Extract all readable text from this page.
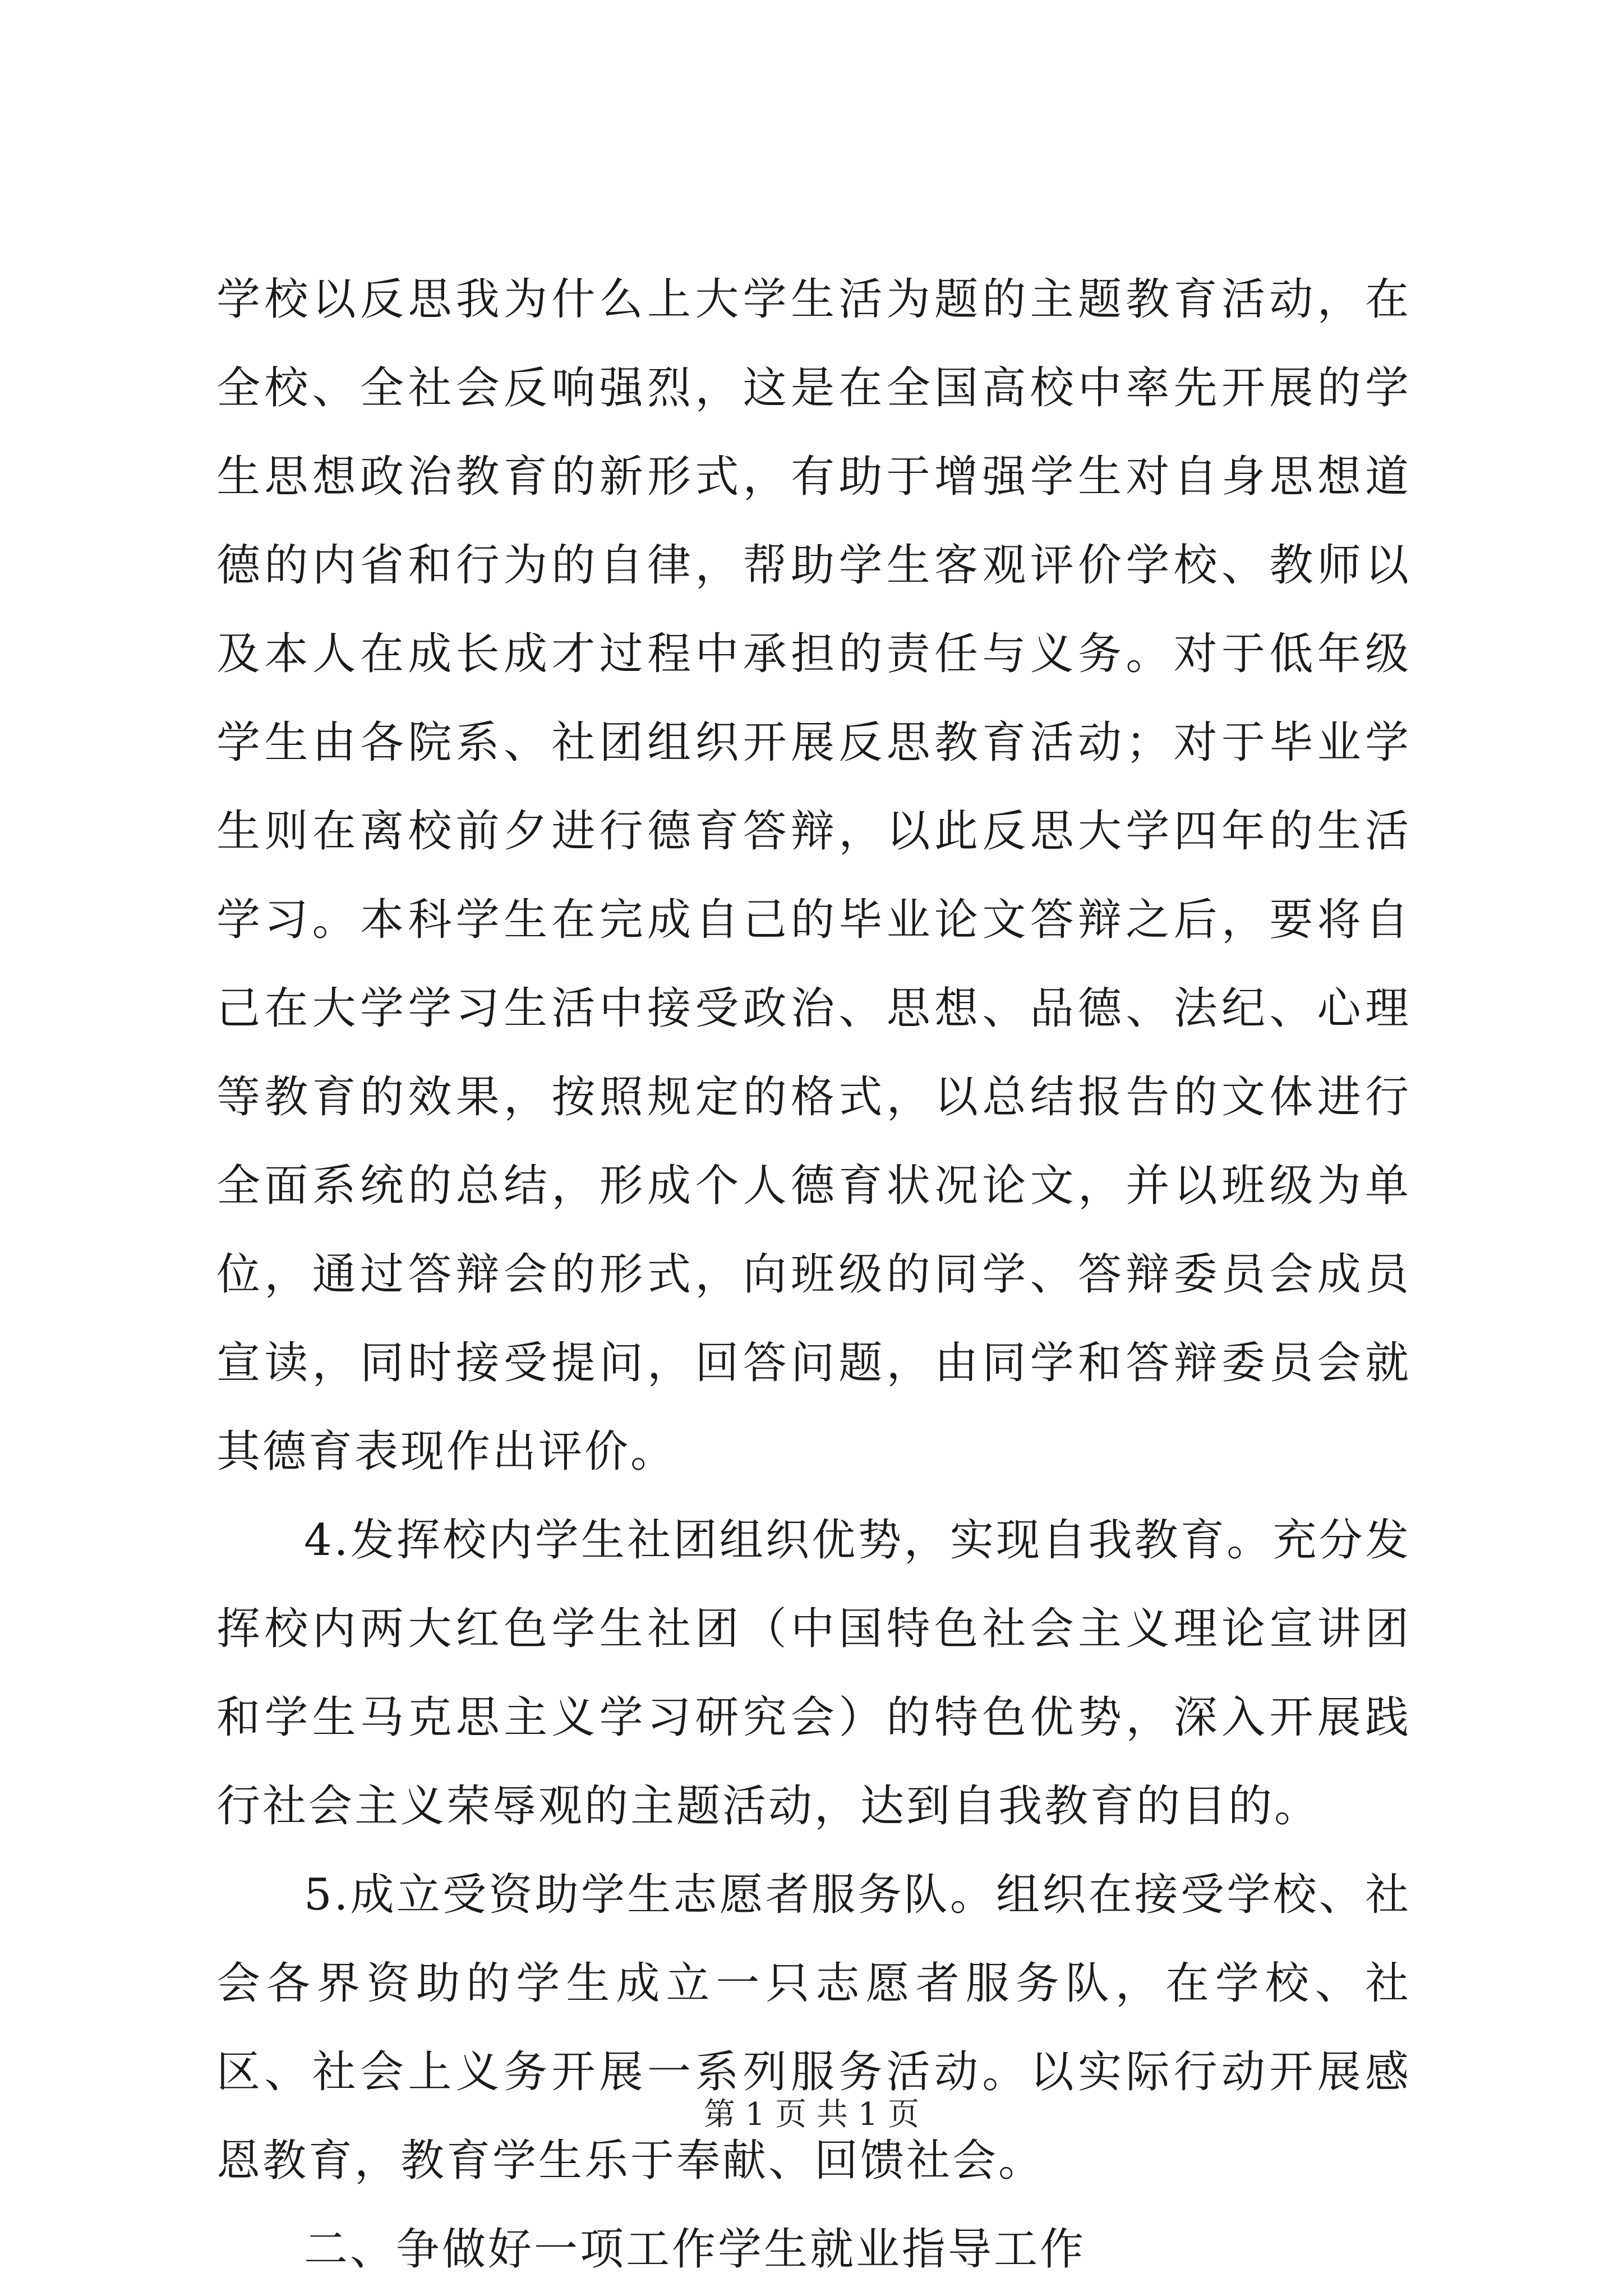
学校以反思我为什么上大学生活为题的主题教育活动，在全校、全社会反响强烈，这是在全国高校中率先开展的学生思想政治教育的新形式，有助于增强学生对自身思想道德的内省和行为的自律，帮助学生客观评价学校、教师以及本人在成长成才过程中承担的责任与义务。对于低年级学生由各院系、社团组织开展反思教育活动；对于毕业学生则在离校前夕进行德育答辩，以此反思大学四年的生活学习。本科学生在完成自己的毕业论文答辩之后，要将自己在大学学习生活中接受政治、思想、品德、法纪、心理等教育的效果，按照规定的格式，以总结报告的文体进行全面系统的总结，形成个人德育状况论文，并以班级为单位，通过答辩会的形式，向班级的同学、答辩委员会成员宣读，同时接受提问，回答问题，由同学和答辩委员会就其德育表现作出评价。

4.发挥校内学生社团组织优势，实现自我教育。充分发挥校内两大红色学生社团（中国特色社会主义理论宣讲团和学生马克思主义学习研究会）的特色优势，深入开展践行社会主义荣辱观的主题活动，达到自我教育的目的。

5.成立受资助学生志愿者服务队。组织在接受学校、社会各界资助的学生成立一只志愿者服务队，在学校、社区、社会上义务开展一系列服务活动。以实际行动开展感恩教育，教育学生乐于奉献、回馈社会。

二、争做好一项工作学生就业指导工作

第 1 页 共 1 页
